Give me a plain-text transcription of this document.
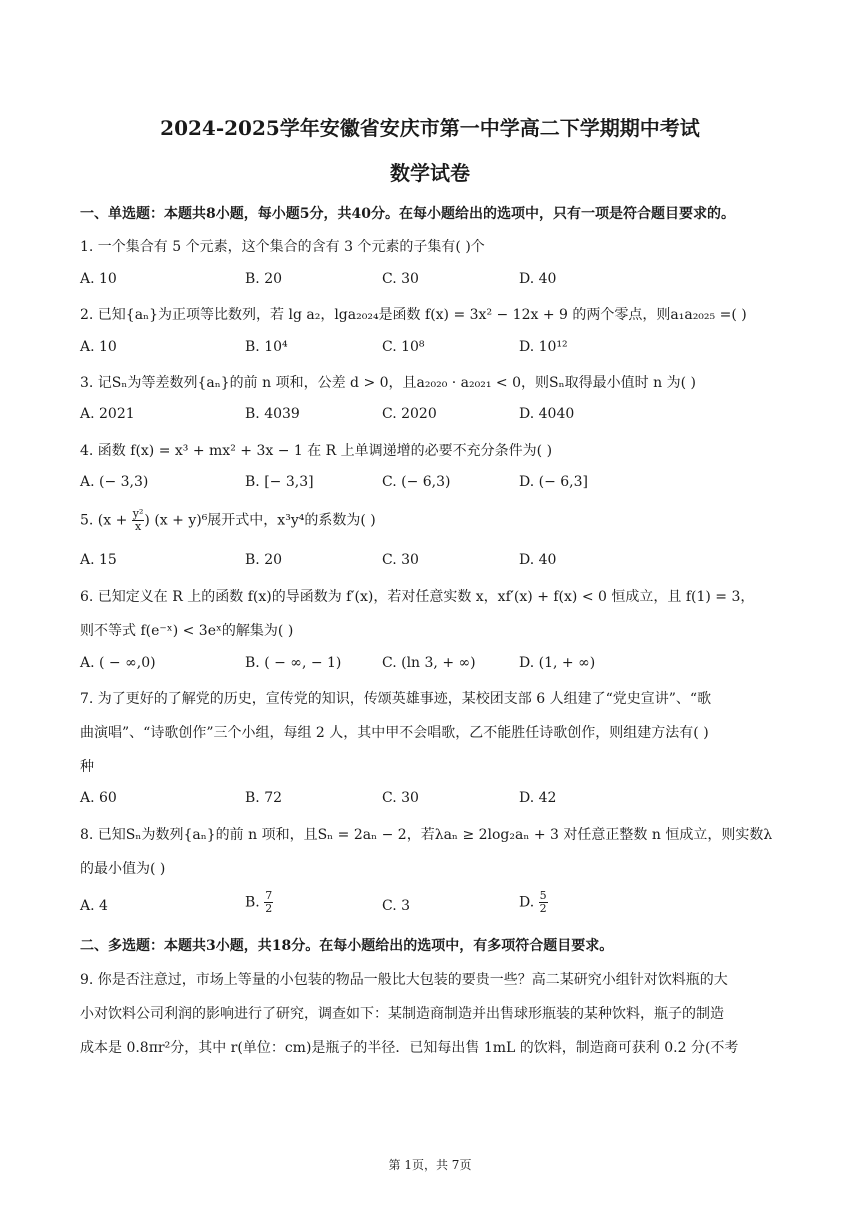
2024-2025学年安徽省安庆市第一中学高二下学期期中考试
数学试卷
一、单选题：本题共8小题，每小题5分，共40分。在每小题给出的选项中，只有一项是符合题目要求的。
1. 一个集合有 5 个元素，这个集合的含有 3 个元素的子集有( )个
A. 10	B. 20	C. 30	D. 40
2. 已知{aₙ}为正项等比数列，若 lg a₂，lga₂₀₂₄是函数 f(x) = 3x² − 12x + 9 的两个零点，则a₁a₂₀₂₅ =( )
A. 10	B. 10⁴	C. 10⁸	D. 10¹²
3. 记Sₙ为等差数列{aₙ}的前 n 项和，公差 d > 0，且a₂₀₂₀ · a₂₀₂₁ < 0，则Sₙ取得最小值时 n 为( )
A. 2021	B. 4039	C. 2020	D. 4040
4. 函数 f(x) = x³ + mx² + 3x − 1 在 R 上单调递增的必要不充分条件为( )
A. (− 3,3)	B. [− 3,3]	C. (− 6,3)	D. (− 6,3]
5. ($x + \frac{\text{y²}}{x}$ ) (x + y)⁶展开式中，x³y⁴的系数为( )
A. 15	B. 20	C. 30	D. 40
6. 已知定义在 R 上的函数 f(x)的导函数为 f′(x)，若对任意实数 x，xf′(x) + f(x) < 0 恒成立，且 f(1) = 3，
则不等式 f(e⁻ˣ) < 3eˣ的解集为( )
A. ( − ∞,0)	B. ( − ∞, − 1)	C. (ln 3, + ∞)	D. (1, + ∞)
7. 为了更好的了解党的历史，宣传党的知识，传颂英雄事迹，某校团支部 6 人组建了“党史宣讲”、“歌
曲演唱”、“诗歌创作”三个小组，每组 2 人，其中甲不会唱歌，乙不能胜任诗歌创作，则组建方法有( )
种
A. 60	B. 72	C. 30	D. 42
8. 已知Sₙ为数列{aₙ}的前 n 项和，且Sₙ = 2aₙ − 2，若λaₙ ≥ 2log₂aₙ + 3 对任意正整数 n 恒成立，则实数λ
的最小值为( )
A. 4	B. $\frac{7}{2}$	C. 3	D. $\frac{5}{2}$
二、多选题：本题共3小题，共18分。在每小题给出的选项中，有多项符合题目要求。
9. 你是否注意过，市场上等量的小包装的物品一般比大包装的要贵一些？高二某研究小组针对饮料瓶的大
小对饮料公司利润的影响进行了研究，调查如下：某制造商制造并出售球形瓶装的某种饮料，瓶子的制造
成本是 0.8πr²分，其中 r(单位：cm)是瓶子的半径．已知每出售 1mL 的饮料，制造商可获利 0.2 分(不考
第 1页，共 7页
